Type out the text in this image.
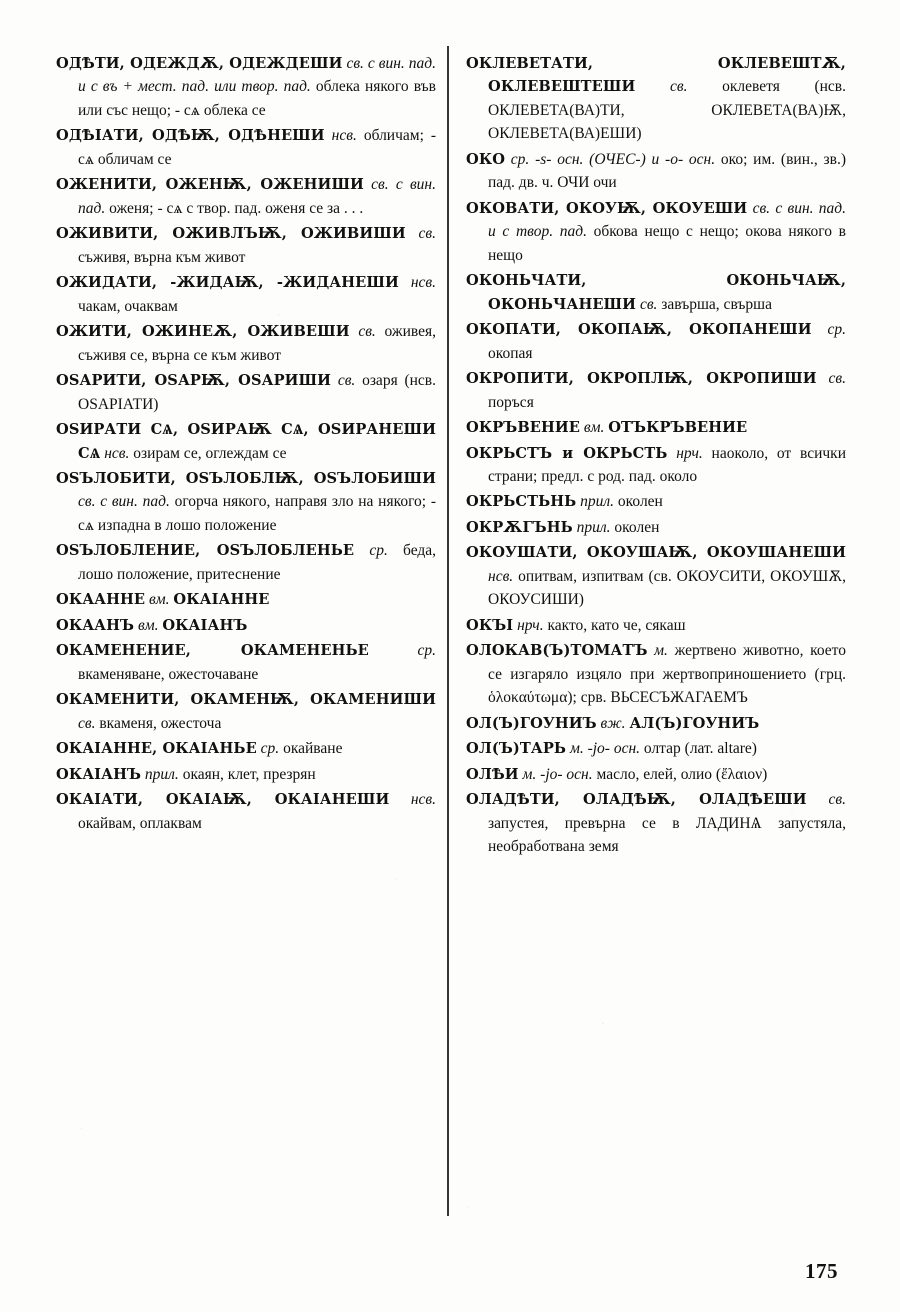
ОДѢТИ, ОДЕЖДѪ, ОДЕЖДЕШИ св. с вин. пад. и с въ + мест. пад. или твор. пад. облека някого във или със нещо; - сѧ облека се

ОДѢІАТИ, ОДѢѬ, ОДѢНЕШИ нсв. обличам; - сѧ обличам се

ОЖЕНИТИ, ОЖЕНѬ, ОЖЕНИШИ св. с вин. пад. оженя; - сѧ с твор. пад. оженя се за . . .

ОЖИВИТИ, ОЖИВЛЪѬ, ОЖИВИШИ св. съживя, върна към живот

ОЖИДАТИ, -ЖИДАѬ, -ЖИДАНЕШИ нсв. чакам, очаквам

ОЖИТИ, ОЖИНЕѪ, ОЖИВЕШИ св. оживея, съживя се, върна се към живот

ОЅАРИТИ, ОЅАРѬ, ОЅАРИШИ св. озаря (нсв. ОЅАРІАТИ)

ОЅИРАТИ СѦ, ОЅИРАѬ СѦ, ОЅИРАНЕШИ СѦ нсв. озирам се, оглеждам се

ОЅЪЛОБИТИ, ОЅЪЛОБЛѬ, ОЅЪЛОБИШИ св. с вин. пад. огорча някого, направя зло на някого; - сѧ изпадна в лошо положение

ОЅЪЛОБЛЕНИЕ, ОЅЪЛОБЛЕНЬЕ ср. беда, лошо положение, притеснение

ОКААННЕ вм. ОКАІАННЕ

ОКААНЪ вм. ОКАІАНЪ

ОКАМЕНЕНИЕ, ОКАМЕНЕНЬЕ	ср. вкаменяване, ожесточаване

ОКАМЕНИТИ, ОКАМЕНѬ, ОКАМЕНИШИ св. вкаменя, ожесточа

ОКАІАННЕ, ОКАІАНЬЕ ср. окайване

ОКАІАНЪ прил. окаян, клет, презрян

ОКАІАТИ, ОКАІАѬ, ОКАІАНЕШИ нсв. окайвам, оплаквам

ОКЛЕВЕТАТИ, ОКЛЕВЕШТѪ, ОКЛЕВЕШТЕШИ св. оклеветя (нсв. ОКЛЕВЕТА(ВА)ТИ, ОКЛЕВЕТА(ВА)Ѭ, ОКЛЕВЕТА(ВА)ЕШИ)

ОКО ср. -s- осн. (ОЧЕС-) и -о- осн. око; им. (вин., зв.) пад. дв. ч. ОЧИ очи

ОКОВАТИ, ОКОУѬ, ОКОУЕШИ св. с вин. пад. и с твор. пад. обкова нещо с нещо; окова някого в нещо

ОКОНЬЧАТИ, ОКОНЬЧАѬ, ОКОНЬЧАНЕШИ св. завърша, свърша

ОКОПАТИ, ОКОПАѬ, ОКОПАНЕШИ ср. окопая

ОКРОПИТИ, ОКРОПЛѬ, ОКРОПИШИ св. поръся

ОКРЪВЕНИЕ вм. ОТЪКРЪВЕНИЕ

ОКРЬСТЪ и ОКРЬСТЬ нрч. наоколо, от всички страни; предл. с род. пад. около

ОКРЬСТЬНЬ прил. околен

ОКРѪГЪНЬ прил. околен

ОКОУШАТИ, ОКОУШАѬ, ОКОУШАНЕШИ нсв. опитвам, изпитвам (св. ОКОУСИТИ, ОКОУШѪ, ОКОУСИШИ)

ОКЪI нрч. както, като че, сякаш

ОЛОКАВ(Ъ)ТОМАТЪ м. жертвено животно, което се изгаряло изцяло при жертвоприношението (грц. ὁλοκαύτωμα); срв. ВЬСЕСЪЖАГАЕМЪ

ОЛ(Ъ)ГОУНИЪ вж. АЛ(Ъ)ГОУНИЪ

ОЛ(Ъ)ТАРЬ м. -jo- осн. олтар (лат. altare)

ОЛѢИ м. -jo- осн. масло, елей, олио (ἔλαιον)

ОЛАДѢТИ, ОЛАДѢѬ, ОЛАДѢЕШИ св. запустея, превърна се в ЛАДИНѦ запустяла, необработвана земя

175
